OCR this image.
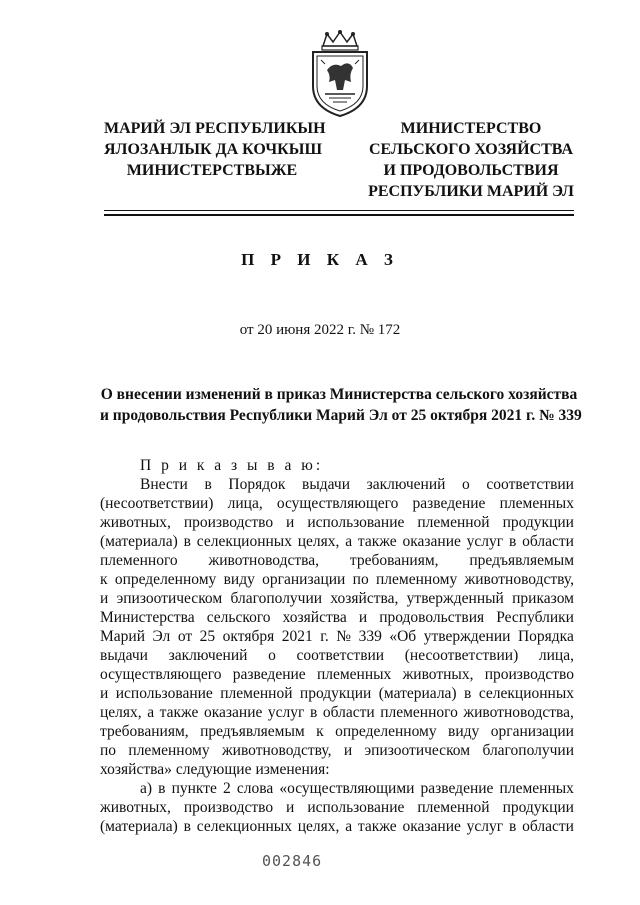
МАРИЙ ЭЛ РЕСПУБЛИКЫН
ЯЛОЗАНЛЫК ДА КОЧКЫШ
МИНИСТЕРСТВЫЖЕ
МИНИСТЕРСТВО
СЕЛЬСКОГО ХОЗЯЙСТВА
И ПРОДОВОЛЬСТВИЯ
РЕСПУБЛИКИ МАРИЙ ЭЛ
П Р И К А З
от 20 июня 2022 г. № 172
О внесении изменений в приказ Министерства сельского хозяйства
и продовольствия Республики Марий Эл от 25 октября 2021 г. № 339
П р и к а з ы в а ю:
Внести в Порядок выдачи заключений о соответствии
(несоответствии) лица, осуществляющего разведение племенных
животных, производство и использование племенной продукции
(материала) в селекционных целях, а также оказание услуг в области
племенного животноводства, требованиям, предъявляемым
к определенному виду организации по племенному животноводству,
и эпизоотическом благополучии хозяйства, утвержденный приказом
Министерства сельского хозяйства и продовольствия Республики
Марий Эл от 25 октября 2021 г. № 339 «Об утверждении Порядка
выдачи заключений о соответствии (несоответствии) лица,
осуществляющего разведение племенных животных, производство
и использование племенной продукции (материала) в селекционных
целях, а также оказание услуг в области племенного животноводства,
требованиям, предъявляемым к определенному виду организации
по племенному животноводству, и эпизоотическом благополучии
хозяйства» следующие изменения:
а) в пункте 2 слова «осуществляющими разведение племенных
животных, производство и использование племенной продукции
(материала) в селекционных целях, а также оказание услуг в области
002846
